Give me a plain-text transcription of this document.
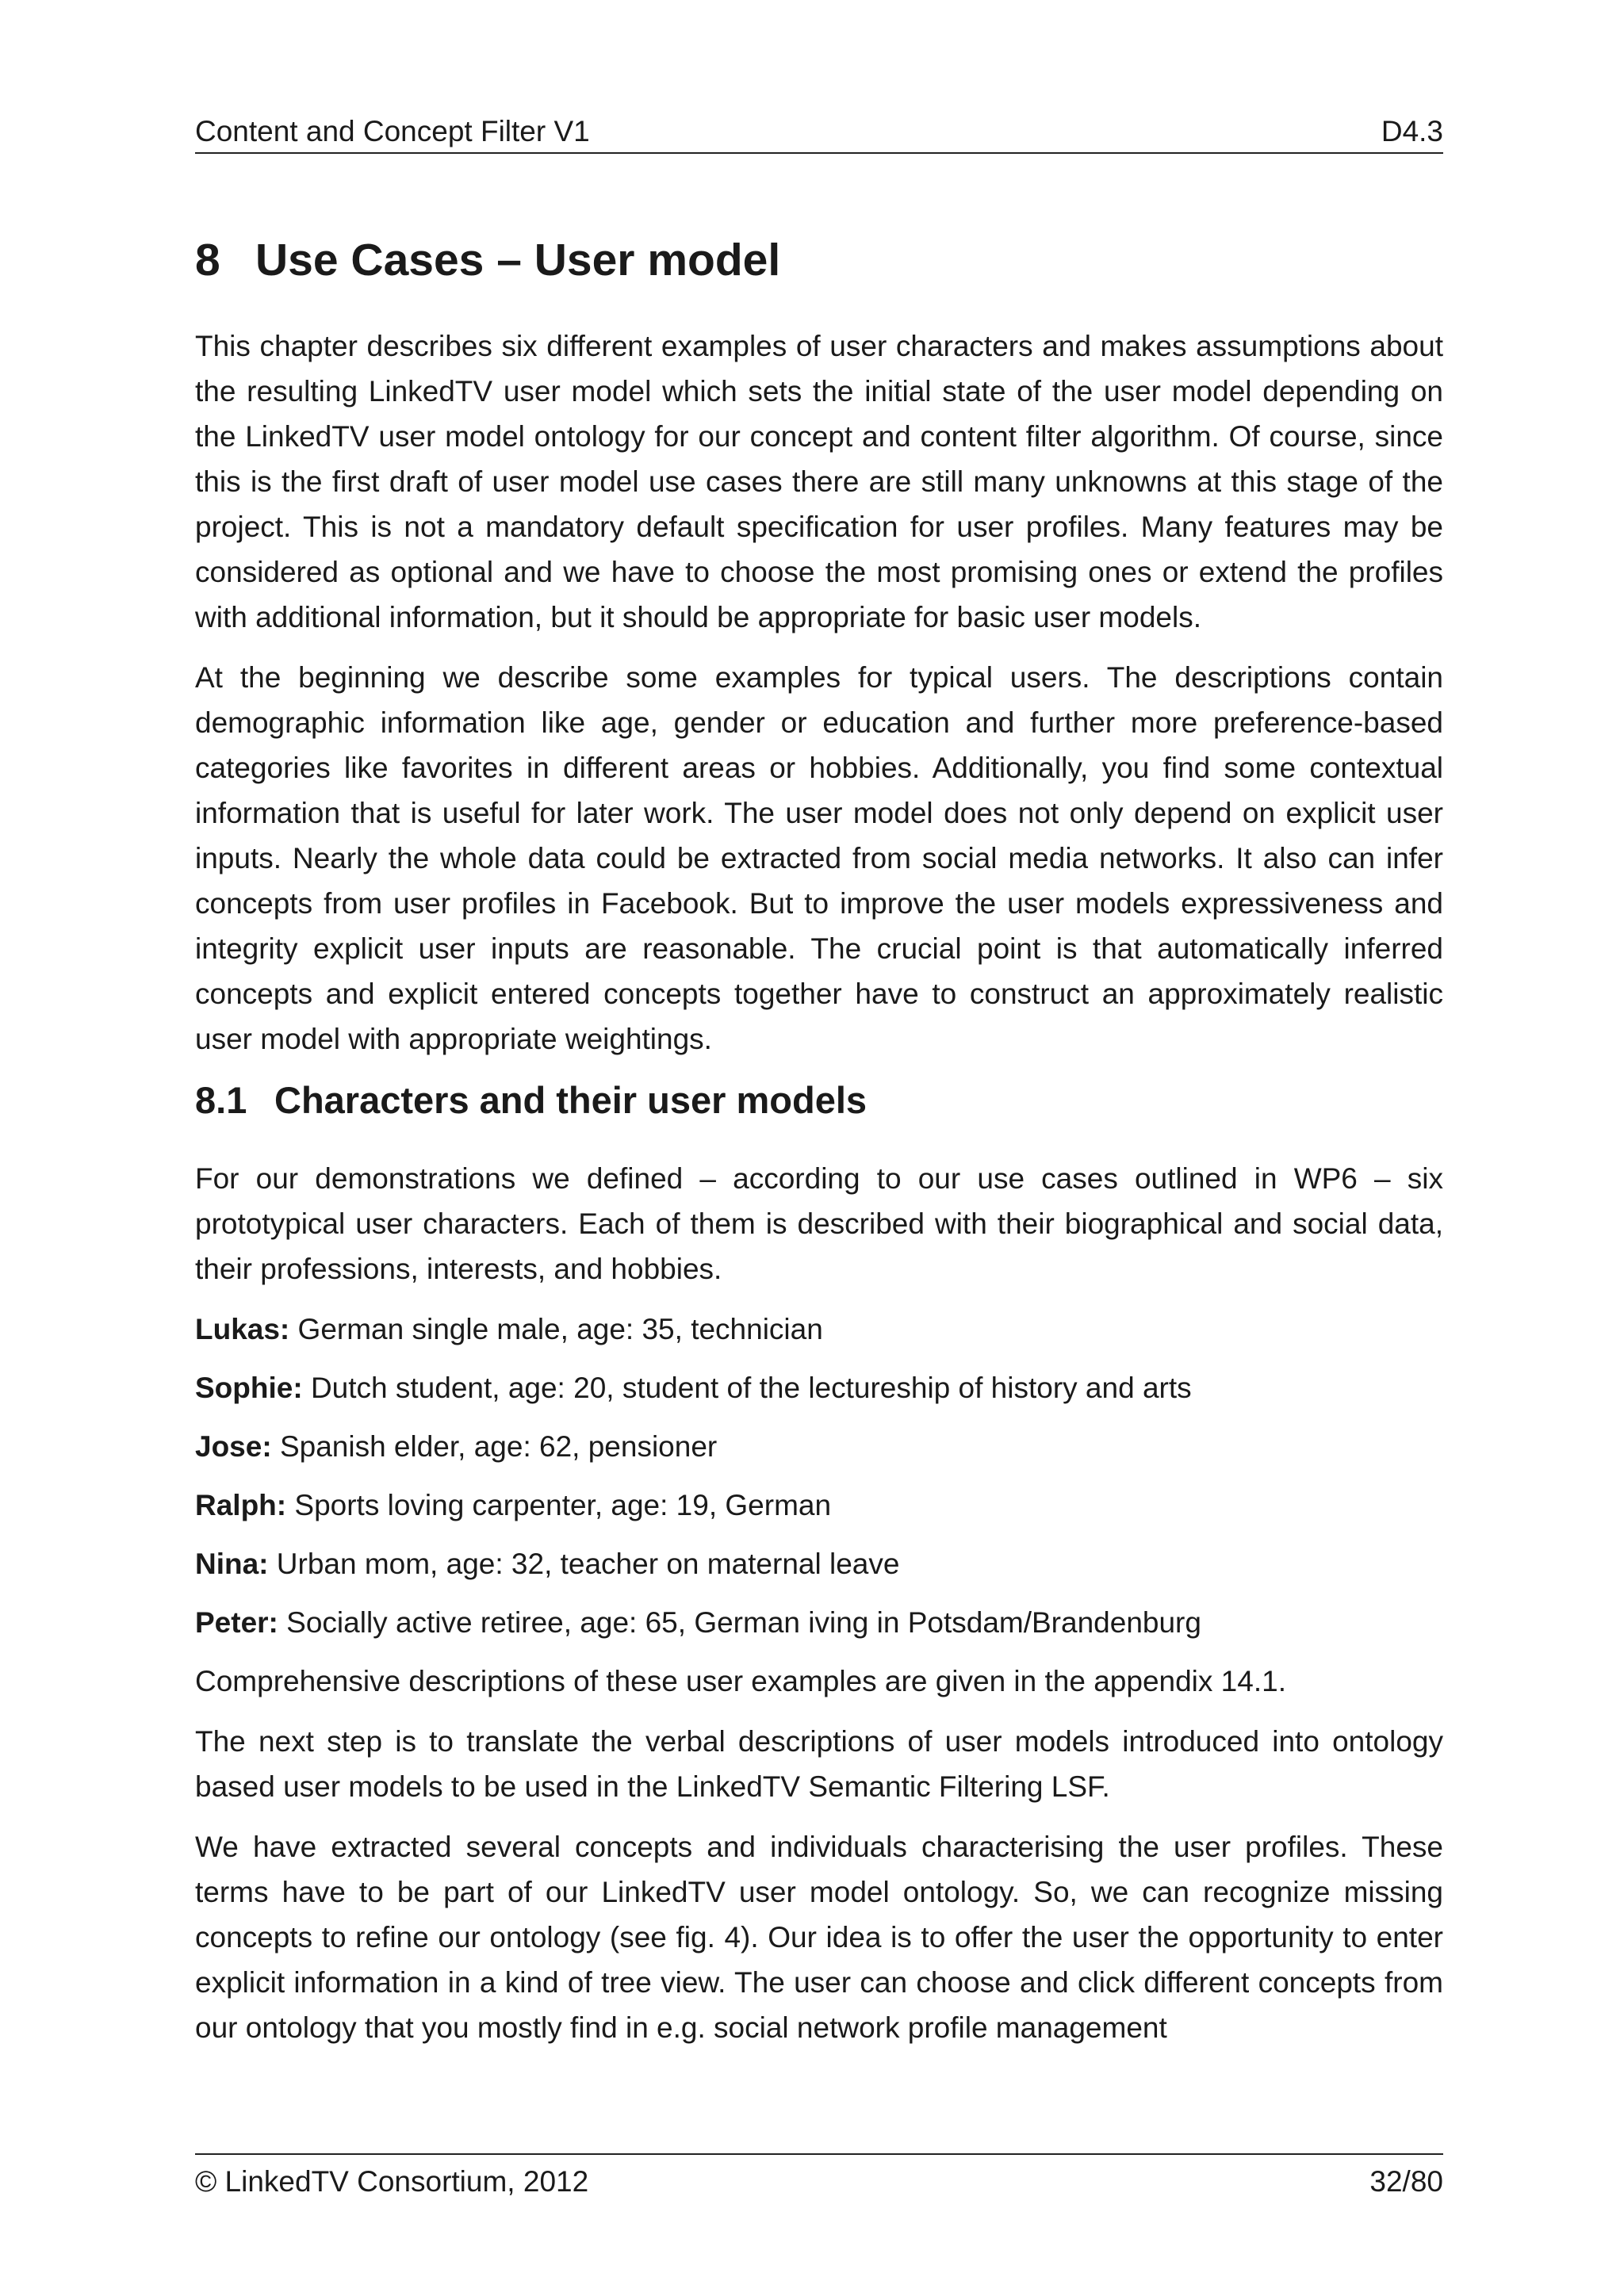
Content and Concept Filter V1	D4.3
8 Use Cases – User model

This chapter describes six different examples of user characters and makes assumptions about the resulting LinkedTV user model which sets the initial state of the user model depending on the LinkedTV user model ontology for our concept and content filter algorithm. Of course, since this is the first draft of user model use cases there are still many unknowns at this stage of the project. This is not a mandatory default specification for user profiles. Many features may be considered as optional and we have to choose the most promising ones or extend the profiles with additional information, but it should be appropriate for basic user models.

At the beginning we describe some examples for typical users. The descriptions contain demographic information like age, gender or education and further more preference-based categories like favorites in different areas or hobbies. Additionally, you find some contextual information that is useful for later work. The user model does not only depend on explicit user inputs. Nearly the whole data could be extracted from social media networks. It also can infer concepts from user profiles in Facebook. But to improve the user models expressiveness and integrity explicit user inputs are reasonable. The crucial point is that automatically inferred concepts and explicit entered concepts together have to construct an approximately realistic user model with appropriate weightings.

8.1 Characters and their user models

For our demonstrations we defined – according to our use cases outlined in WP6 – six prototypical user characters. Each of them is described with their biographical and social data, their professions, interests, and hobbies.

Lukas: German single male, age: 35, technician

Sophie: Dutch student, age: 20, student of the lectureship of history and arts

Jose: Spanish elder, age: 62, pensioner

Ralph: Sports loving carpenter, age: 19, German

Nina: Urban mom, age: 32, teacher on maternal leave

Peter: Socially active retiree, age: 65, German iving in Potsdam/Brandenburg

Comprehensive descriptions of these user examples are given in the appendix 14.1.

The next step is to translate the verbal descriptions of user models introduced into ontology based user models to be used in the LinkedTV Semantic Filtering LSF.

We have extracted several concepts and individuals characterising the user profiles. These terms have to be part of our LinkedTV user model ontology. So, we can recognize missing concepts to refine our ontology (see fig. 4). Our idea is to offer the user the opportunity to enter explicit information in a kind of tree view. The user can choose and click different concepts from our ontology that you mostly find in e.g. social network profile management

© LinkedTV Consortium, 2012	32/80
